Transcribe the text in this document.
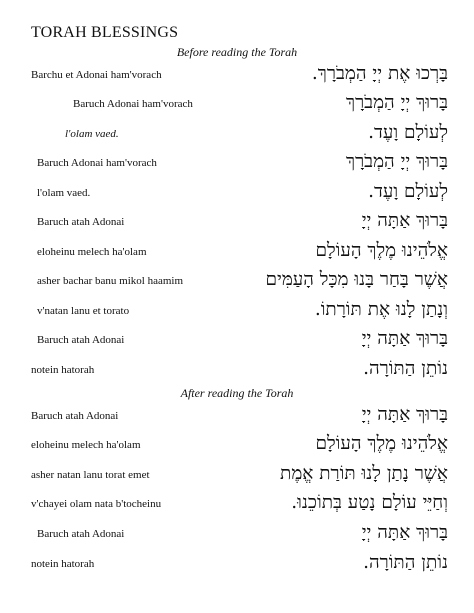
TORAH BLESSINGS
Before reading the Torah
Barchu et Adonai ham'vorach	בָּרְכוּ אֶת יְיָ הַמְבֹרָךְ.
Baruch Adonai ham'vorach	בָּרוּךְ יְיָ הַמְבֹרָךְ
l'olam vaed.	לְעוֹלָם וָעֶד.
Baruch Adonai ham'vorach	בָּרוּךְ יְיָ הַמְבֹרָךְ
l'olam vaed.	לְעוֹלָם וָעֶד.
Baruch atah Adonai	בָּרוּךְ אַתָּה יְיָ
eloheinu melech ha'olam	אֱלֹהֵינוּ מֶלֶךְ הָעוֹלָם
asher bachar banu mikol haamim	אֲשֶׁר בָּחַר בָּנוּ מִכָּל הָעַמִּים
v'natan lanu et torato	וְנָתַן לָנוּ אֶת תּוֹרָתוֹ.
Baruch atah Adonai	בָּרוּךְ אַתָּה יְיָ
notein hatorah	נוֹתֵן הַתּוֹרָה.
After reading the Torah
Baruch atah Adonai	בָּרוּךְ אַתָּה יְיָ
eloheinu melech ha'olam	אֱלֹהֵינוּ מֶלֶךְ הָעוֹלָם
asher natan lanu torat emet	אֲשֶׁר נָתַן לָנוּ תּוֹרַת אֱמֶת
v'chayei olam nata b'tocheinu	וְחַיֵּי עוֹלָם נָטַע בְּתוֹכֵנוּ.
Baruch atah Adonai	בָּרוּךְ אַתָּה יְיָ
notein hatorah	נוֹתֵן הַתּוֹרָה.
